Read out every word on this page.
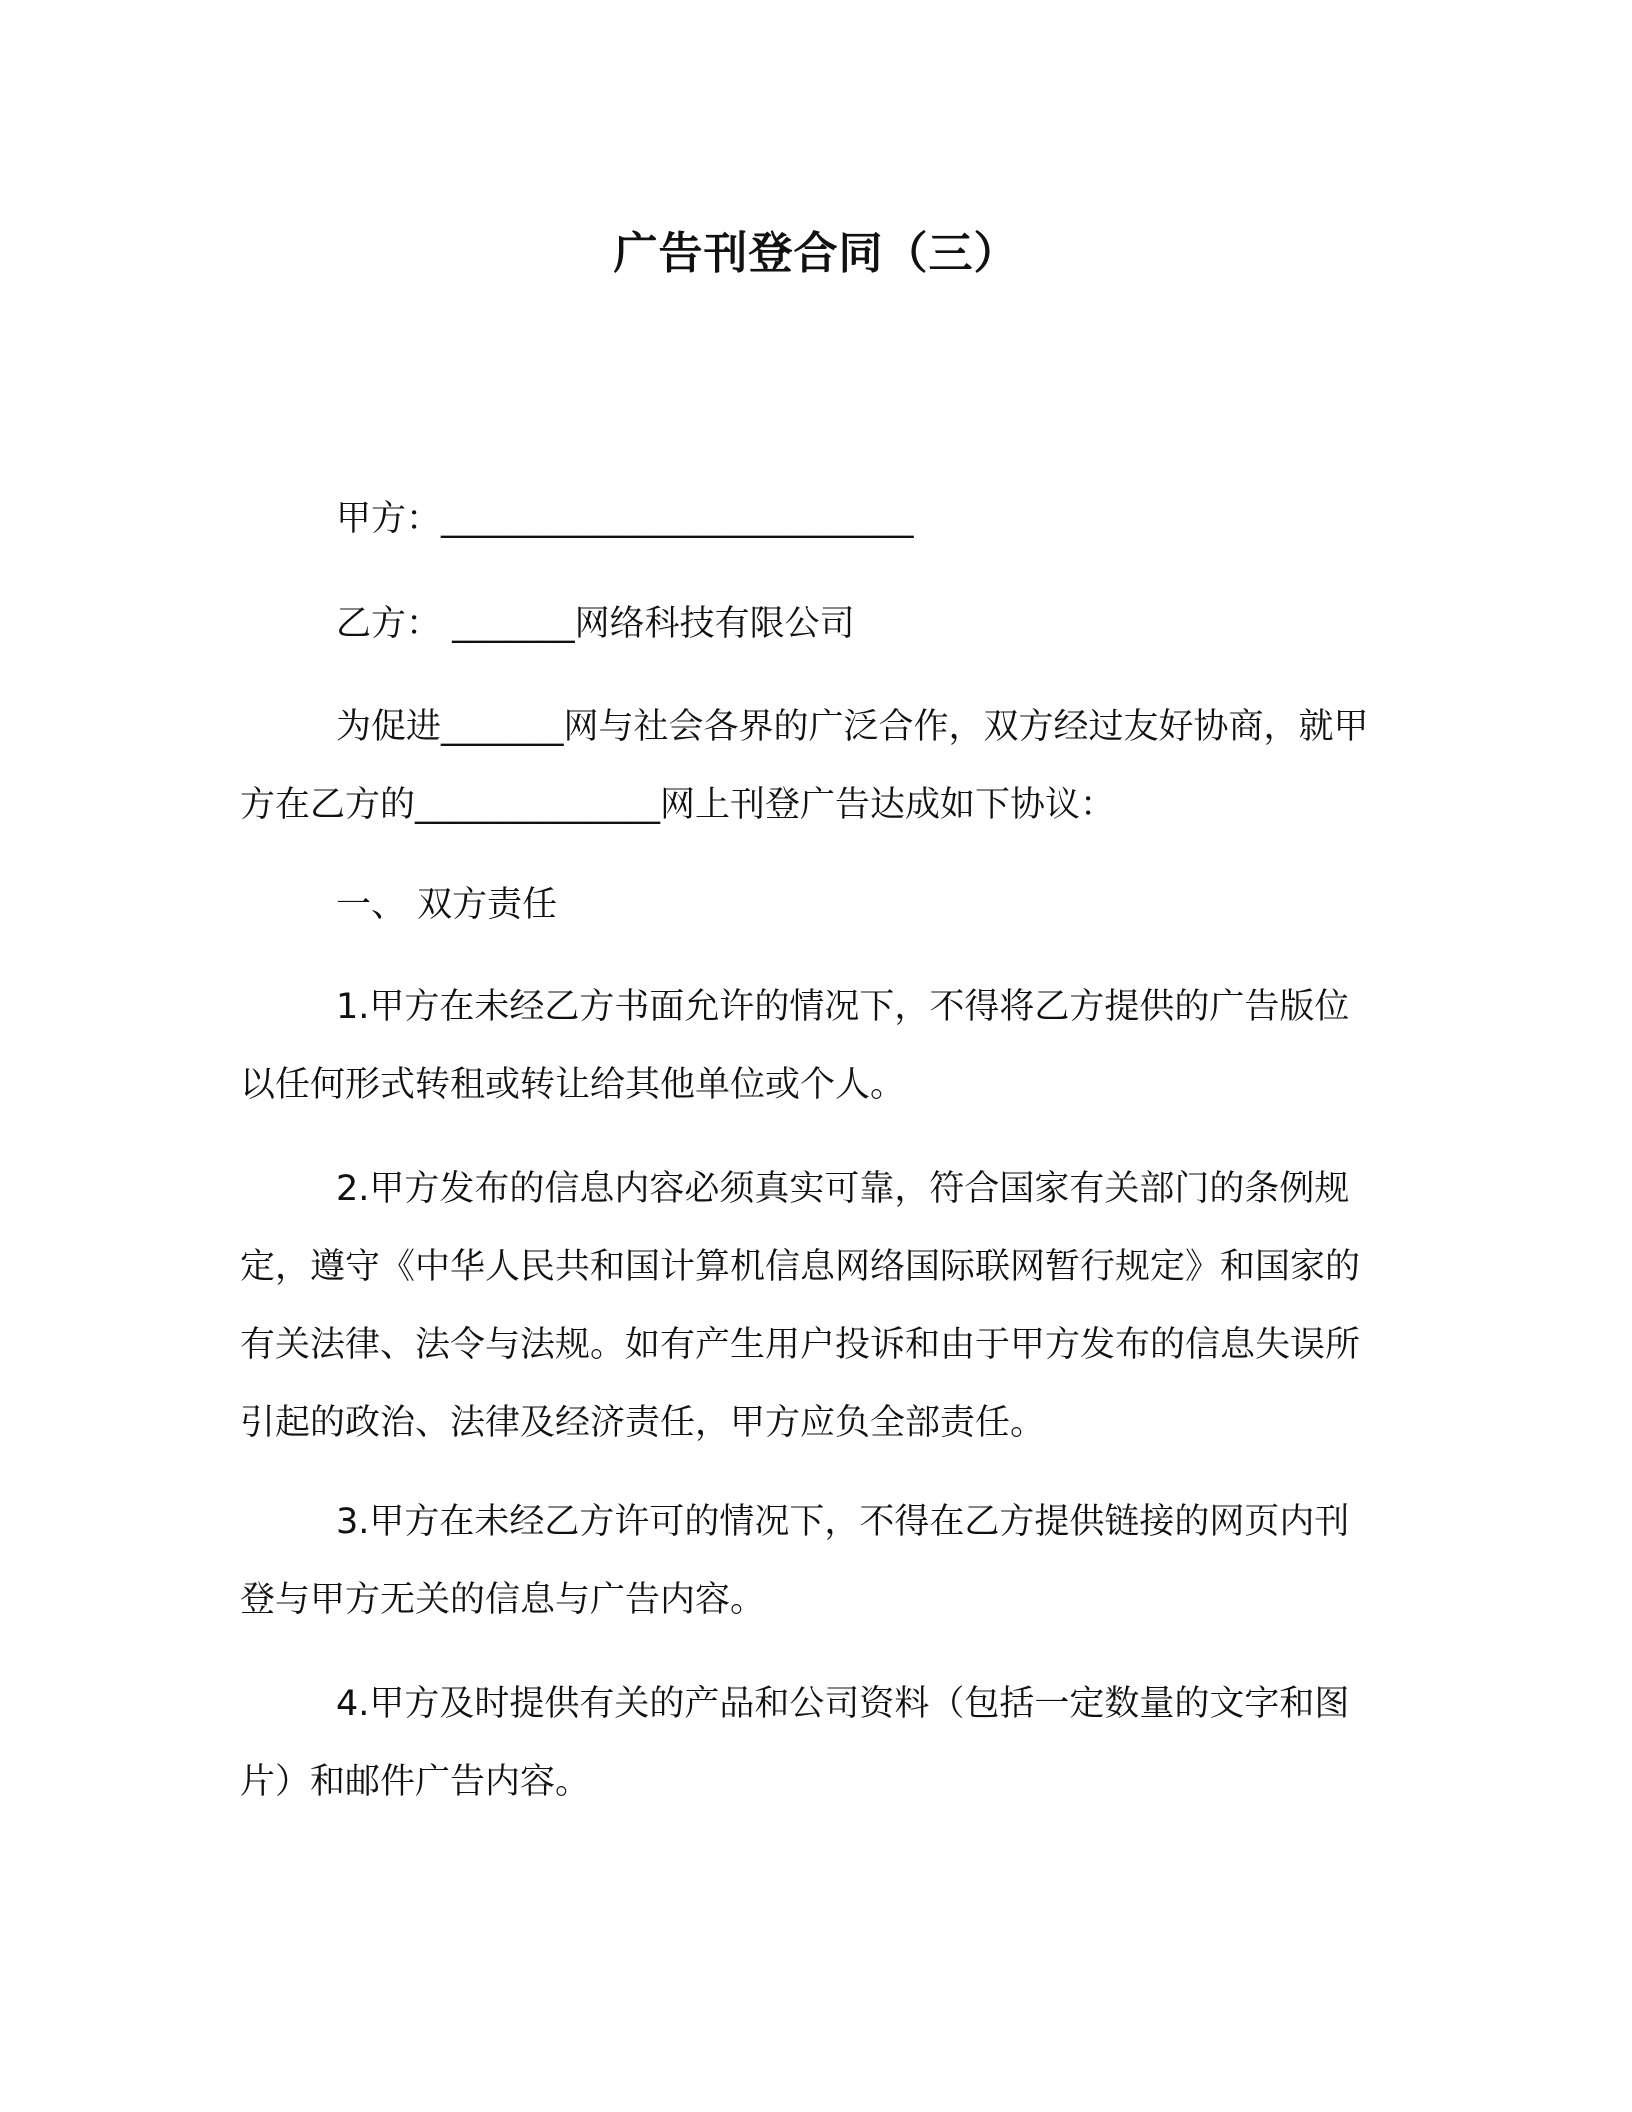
广告刊登合同（三）
甲方：___________________________
乙方： _______网络科技有限公司

为促进_______网与社会各界的广泛合作，双方经过友好协商，就甲方在乙方的______________网上刊登广告达成如下协议：

一、 双方责任

1.甲方在未经乙方书面允许的情况下，不得将乙方提供的广告版位以任何形式转租或转让给其他单位或个人。

2.甲方发布的信息内容必须真实可靠，符合国家有关部门的条例规定，遵守《中华人民共和国计算机信息网络国际联网暂行规定》和国家的有关法律、法令与法规。如有产生用户投诉和由于甲方发布的信息失误所引起的政治、法律及经济责任，甲方应负全部责任。

3.甲方在未经乙方许可的情况下，不得在乙方提供链接的网页内刊登与甲方无关的信息与广告内容。

4.甲方及时提供有关的产品和公司资料（包括一定数量的文字和图片）和邮件广告内容。
